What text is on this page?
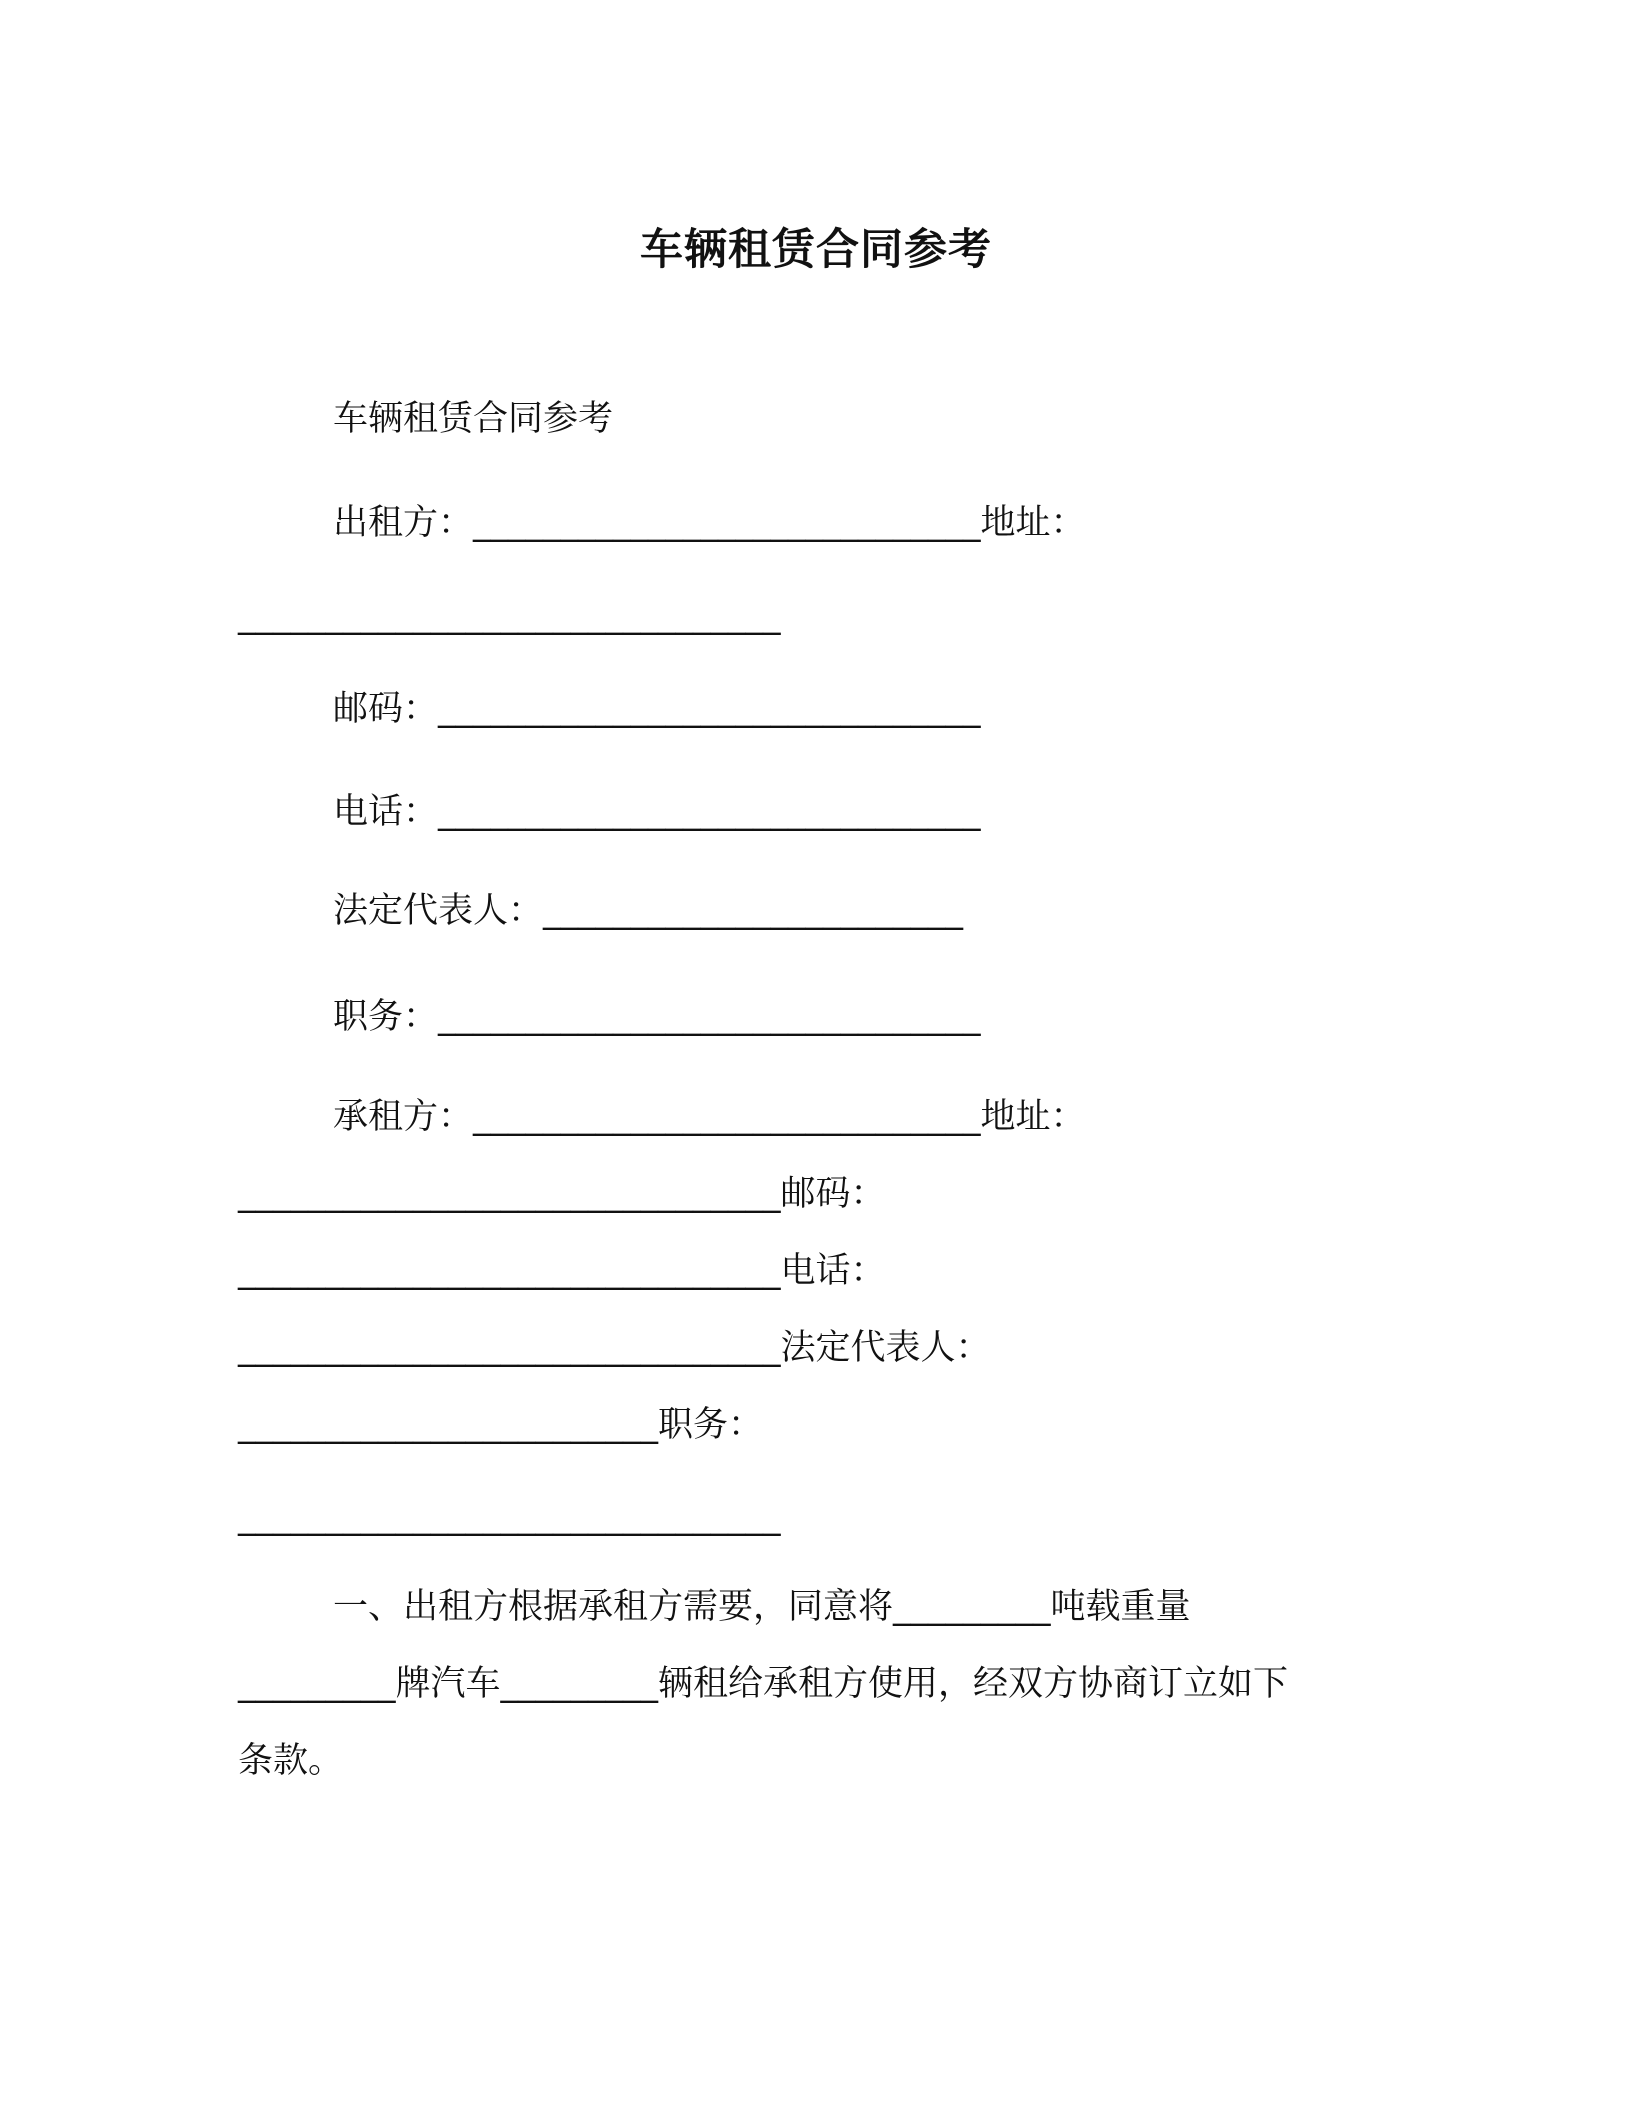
车辆租赁合同参考
车辆租赁合同参考
出租方：_____________________________地址：
_______________________________
邮码：_______________________________
电话：_______________________________
法定代表人：________________________
职务：_______________________________
承租方：_____________________________地址：
_______________________________邮码：
_______________________________电话：
_______________________________法定代表人：
________________________职务：
_______________________________
一、出租方根据承租方需要，同意将_________吨载重量
_________牌汽车_________辆租给承租方使用，经双方协商订立如下
条款。
